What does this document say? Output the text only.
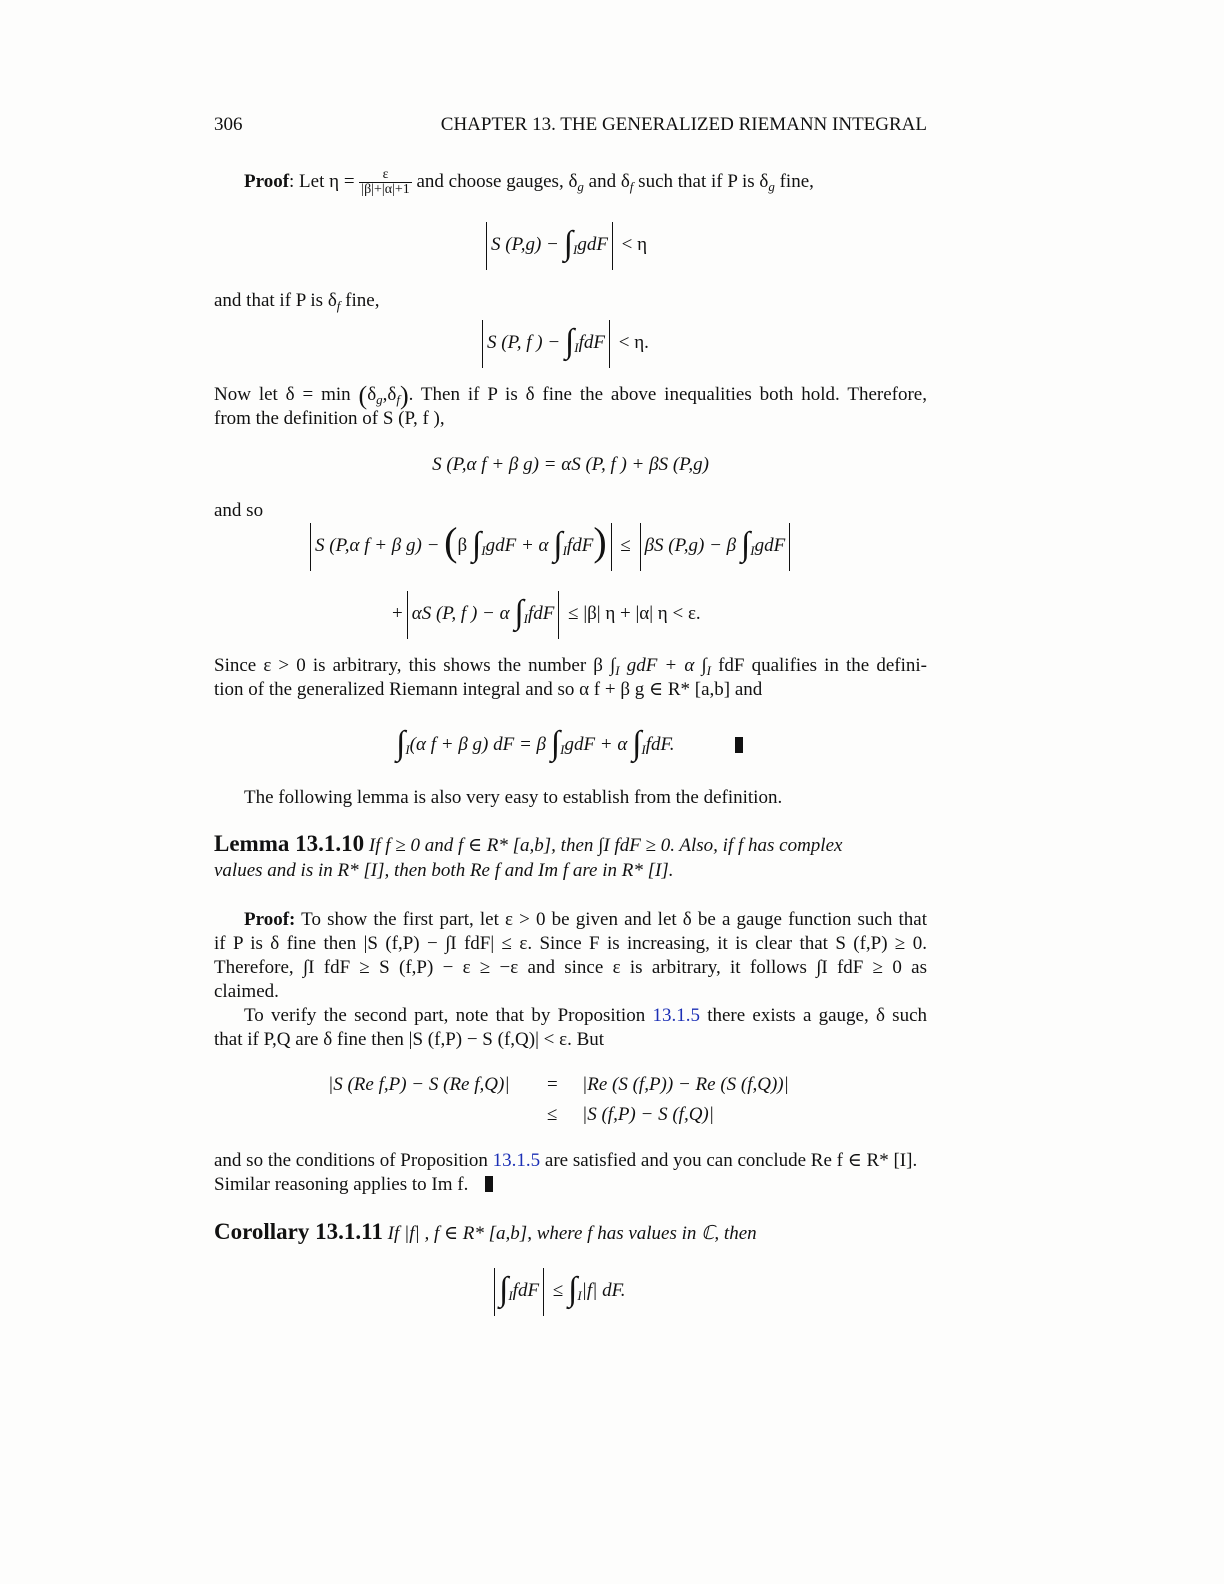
306	CHAPTER 13. THE GENERALIZED RIEMANN INTEGRAL
Proof: Let $\eta = \frac{\varepsilon}{|\beta|+|\alpha|+1}$ and choose gauges, $\delta_g$ and $\delta_f$ such that if P is $\delta_g$ fine,
S $(P,g) - \int_IgdF < \eta$
and that if P is $\delta_f$ fine,
S (P, f ) − $\int_IfdF < \eta$.
Now let $\delta = \min (\delta_g,\delta_f)$. Then if P is δ fine the above inequalities both hold. Therefore,
from the definition of S (P, f ),
S (P,α f + β g) = αS (P, f ) + βS (P,g)
and so
S (P,α f + β g) − (β $\int_IgdF + \alpha$ $\int_IfdF) \le \beta S$ (P,g) − β $\int_IgdF$
+ αS (P, f ) − α $\int_IfdF \le |\beta|$ η + |α| η < ε.
Since ε > 0 is arbitrary, this shows the number β $\int_I$ gdF + α $\int_I$ fdF qualifies in the defini-
tion of the generalized Riemann integral and so α f + β g ∈ R* [a,b] and
$\int_I(\alpha$ f + β g) dF = β $\int_IgdF + \alpha$ $\int_IfdF$.
The following lemma is also very easy to establish from the definition.
Lemma 13.1.10 If f ≥ 0 and f ∈ R* [a,b], then ∫I fdF ≥ 0. Also, if f has complex
values and is in R* [I], then both Re f and Im f are in R* [I].
Proof: To show the first part, let ε > 0 be given and let δ be a gauge function such that
if P is δ fine then |S (f,P) − ∫I fdF| ≤ ε. Since F is increasing, it is clear that S (f,P) ≥ 0.
Therefore, ∫I fdF ≥ S (f,P) − ε ≥ −ε and since ε is arbitrary, it follows ∫I fdF ≥ 0 as
claimed.
To verify the second part, note that by Proposition 13.1.5 there exists a gauge, δ such
that if P,Q are δ fine then |S (f,P) − S (f,Q)| < ε. But
|S (Re f,P) − S (Re f,Q)| = |Re (S (f,P)) − Re (S (f,Q))|
≤ |S (f,P) − S (f,Q)|
and so the conditions of Proposition 13.1.5 are satisfied and you can conclude Re f ∈ R* [I].
Similar reasoning applies to Im f.
Corollary 13.1.11 If |f| , f ∈ R* [a,b], where f has values in ℂ, then
$\int_IfdF \le \int_I|f|$ dF.
